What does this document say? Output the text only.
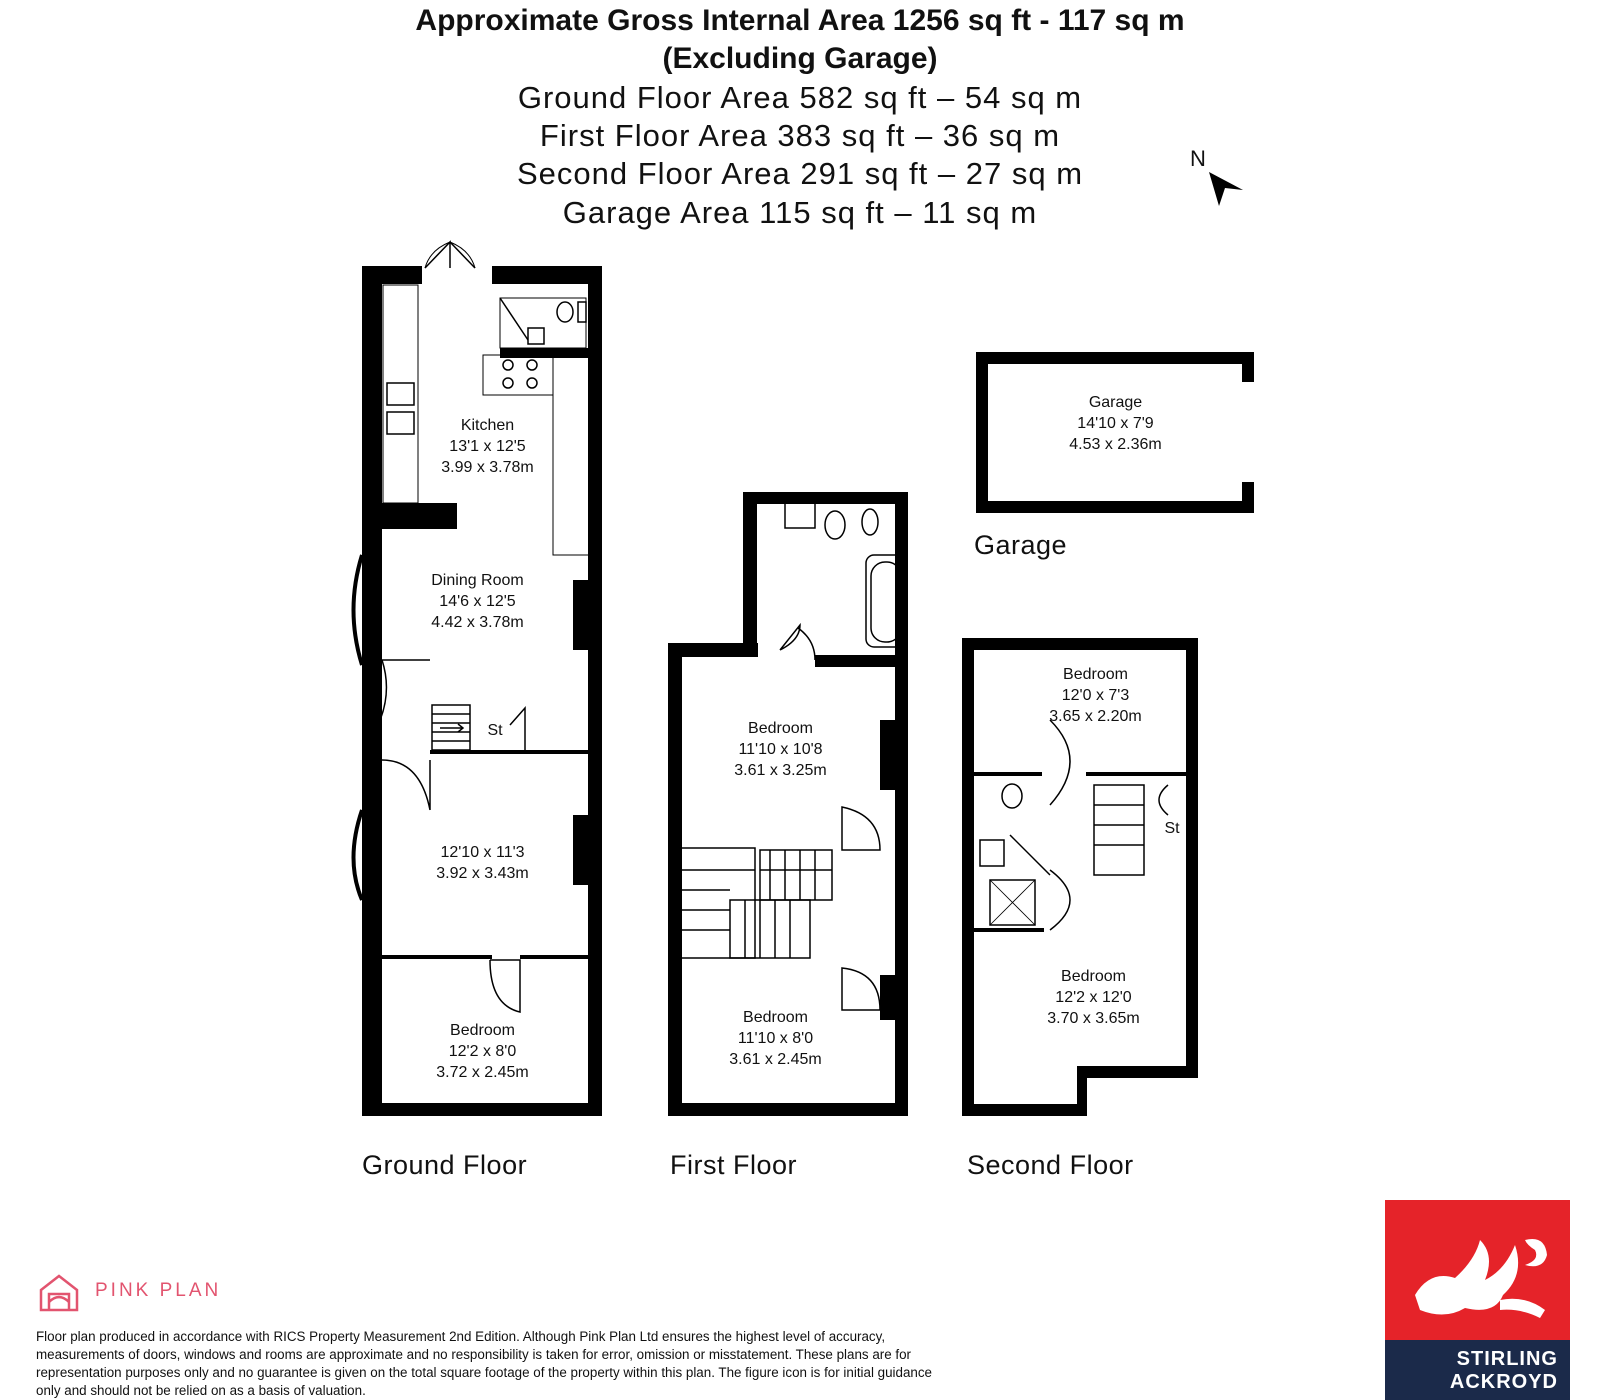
Approximate Gross Internal Area 1256 sq ft - 117 sq m
(Excluding Garage)
Ground Floor Area 582 sq ft – 54 sq m
First Floor Area 383 sq ft – 36 sq m
Second Floor Area 291 sq ft – 27 sq m
Garage Area 115 sq ft – 11 sq m
N
Kitchen
13'1 x 12'5
3.99 x 3.78m
Dining Room
14'6 x 12'5
4.42 x 3.78m
St
12'10 x 11'3
3.92 x 3.43m
Bedroom
12'2 x 8'0
3.72 x 2.45m
Bedroom
11'10 x 10'8
3.61 x 3.25m
Bedroom
11'10 x 8'0
3.61 x 2.45m
Bedroom
12'0 x 7'3
3.65 x 2.20m
St
Bedroom
12'2 x 12'0
3.70 x 3.65m
Garage
14'10 x 7'9
4.53 x 2.36m
Ground Floor	First Floor	Second Floor
Garage
PINK PLAN
Floor plan produced in accordance with RICS Property Measurement 2nd Edition. Although Pink Plan Ltd ensures the highest level of accuracy, measurements of doors, windows and rooms are approximate and no responsibility is taken for error, omission or misstatement. These plans are for representation purposes only and no guarantee is given on the total square footage of the property within this plan. The figure icon is for initial guidance only and should not be relied on as a basis of valuation.
STIRLING
ACKROYD
